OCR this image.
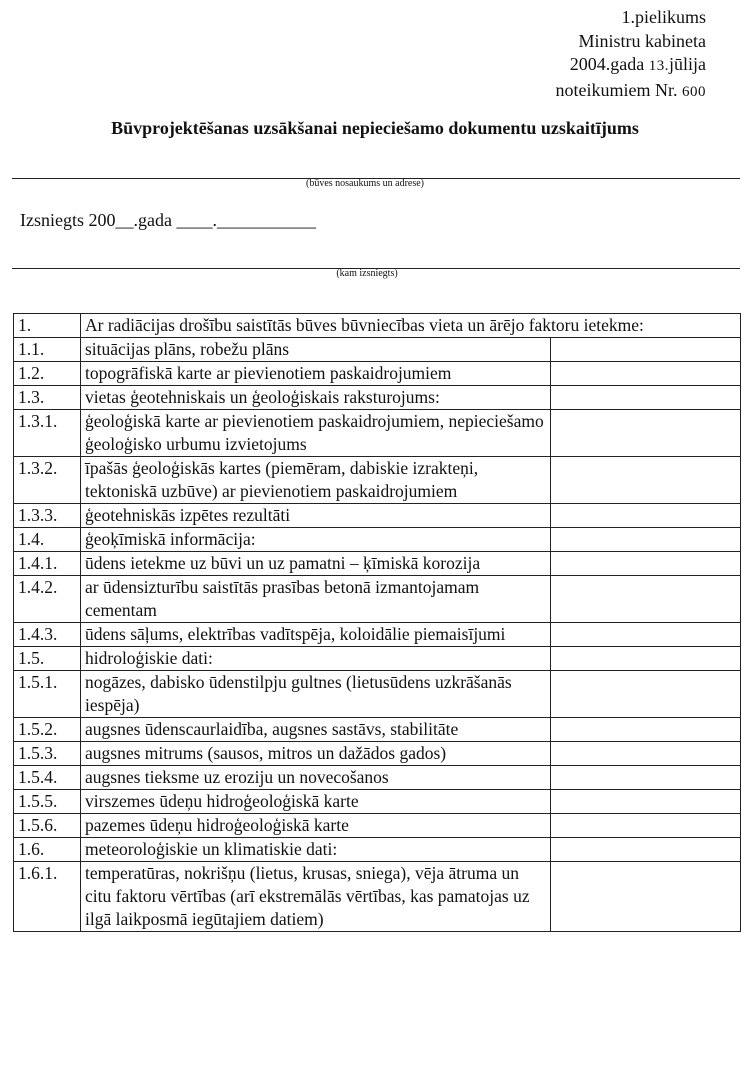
1.pielikums
Ministru kabineta
2004.gada 13.jūlija
noteikumiem Nr. 600
Būvprojektēšanas uzsākšanai nepieciešamo dokumentu uzskaitījums
(būves nosaukums un adrese)
Izsniegts 200__.gada ____.___________
(kam izsniegts)
1.	Ar radiācijas drošību saistītās būves būvniecības vieta un ārējo faktoru ietekme:	
1.1.	situācijas plāns, robežu plāns	
1.2.	topogrāfiskā karte ar pievienotiem paskaidrojumiem	
1.3.	vietas ģeotehniskais un ģeoloģiskais raksturojums:	
1.3.1.	ģeoloģiskā karte ar pievienotiem paskaidrojumiem, nepieciešamo ģeoloģisko urbumu izvietojums	
1.3.2.	īpašās ģeoloģiskās kartes (piemēram, dabiskie izrakteņi, tektoniskā uzbūve) ar pievienotiem paskaidrojumiem	
1.3.3.	ģeotehniskās izpētes rezultāti	
1.4.	ģeoķīmiskā informācija:	
1.4.1.	ūdens ietekme uz būvi un uz pamatni – ķīmiskā korozija	
1.4.2.	ar ūdensizturību saistītās prasības betonā izmantojamam cementam	
1.4.3.	ūdens sāļums, elektrības vadītspēja, koloidālie piemaisījumi	
1.5.	hidroloģiskie dati:	
1.5.1.	nogāzes, dabisko ūdenstilpju gultnes (lietusūdens uzkrāšanās iespēja)	
1.5.2.	augsnes ūdenscaurlaidība, augsnes sastāvs, stabilitāte	
1.5.3.	augsnes mitrums (sausos, mitros un dažādos gados)	
1.5.4.	augsnes tieksme uz eroziju un novecošanos	
1.5.5.	virszemes ūdeņu hidroģeoloģiskā karte	
1.5.6.	pazemes ūdeņu hidroģeoloģiskā karte	
1.6.	meteoroloģiskie un klimatiskie dati:	
1.6.1.	temperatūras, nokrišņu (lietus, krusas, sniega), vēja ātruma un citu faktoru vērtības (arī ekstremālās vērtības, kas pamatojas uz ilgā laikposmā iegūtajiem datiem)	
